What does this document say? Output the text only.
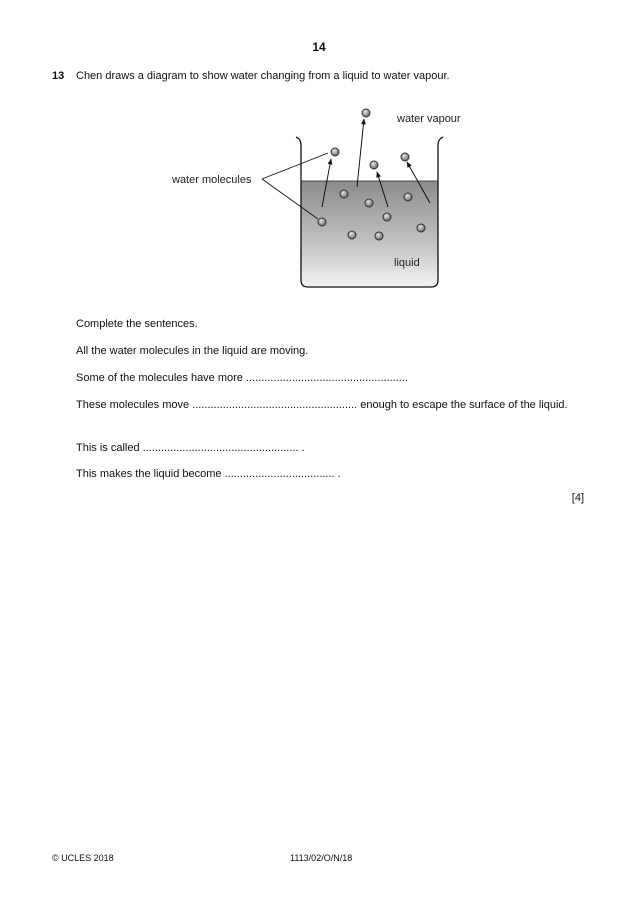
14
13 Chen draws a diagram to show water changing from a liquid to water vapour.
water vapour
water molecules
liquid
Complete the sentences.
All the water molecules in the liquid are moving.
Some of the molecules have more .....................................................
These molecules move ...................................................... enough to escape the surface of the liquid.
This is called ................................................... .
This makes the liquid become .................................... .
[4]
© UCLES 2018	1113/02/O/N/18
